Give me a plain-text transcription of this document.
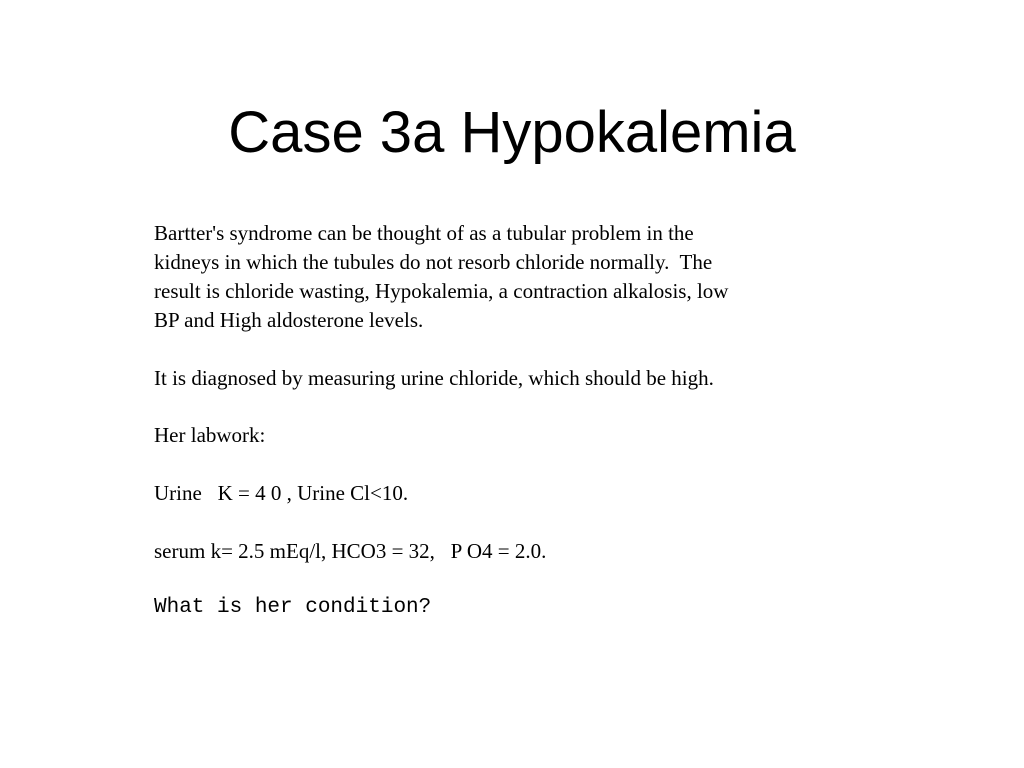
Case 3a Hypokalemia

Bartter's syndrome can be thought of as a tubular problem in the
kidneys in which the tubules do not resorb chloride normally.  The
result is chloride wasting, Hypokalemia, a contraction alkalosis, low
BP and High aldosterone levels.

It is diagnosed by measuring urine chloride, which should be high.

Her labwork:

Urine   K = 4 0 , Urine Cl<10.

serum k= 2.5 mEq/l, HCO3 = 32,   P O4 = 2.0.

What is her condition?
